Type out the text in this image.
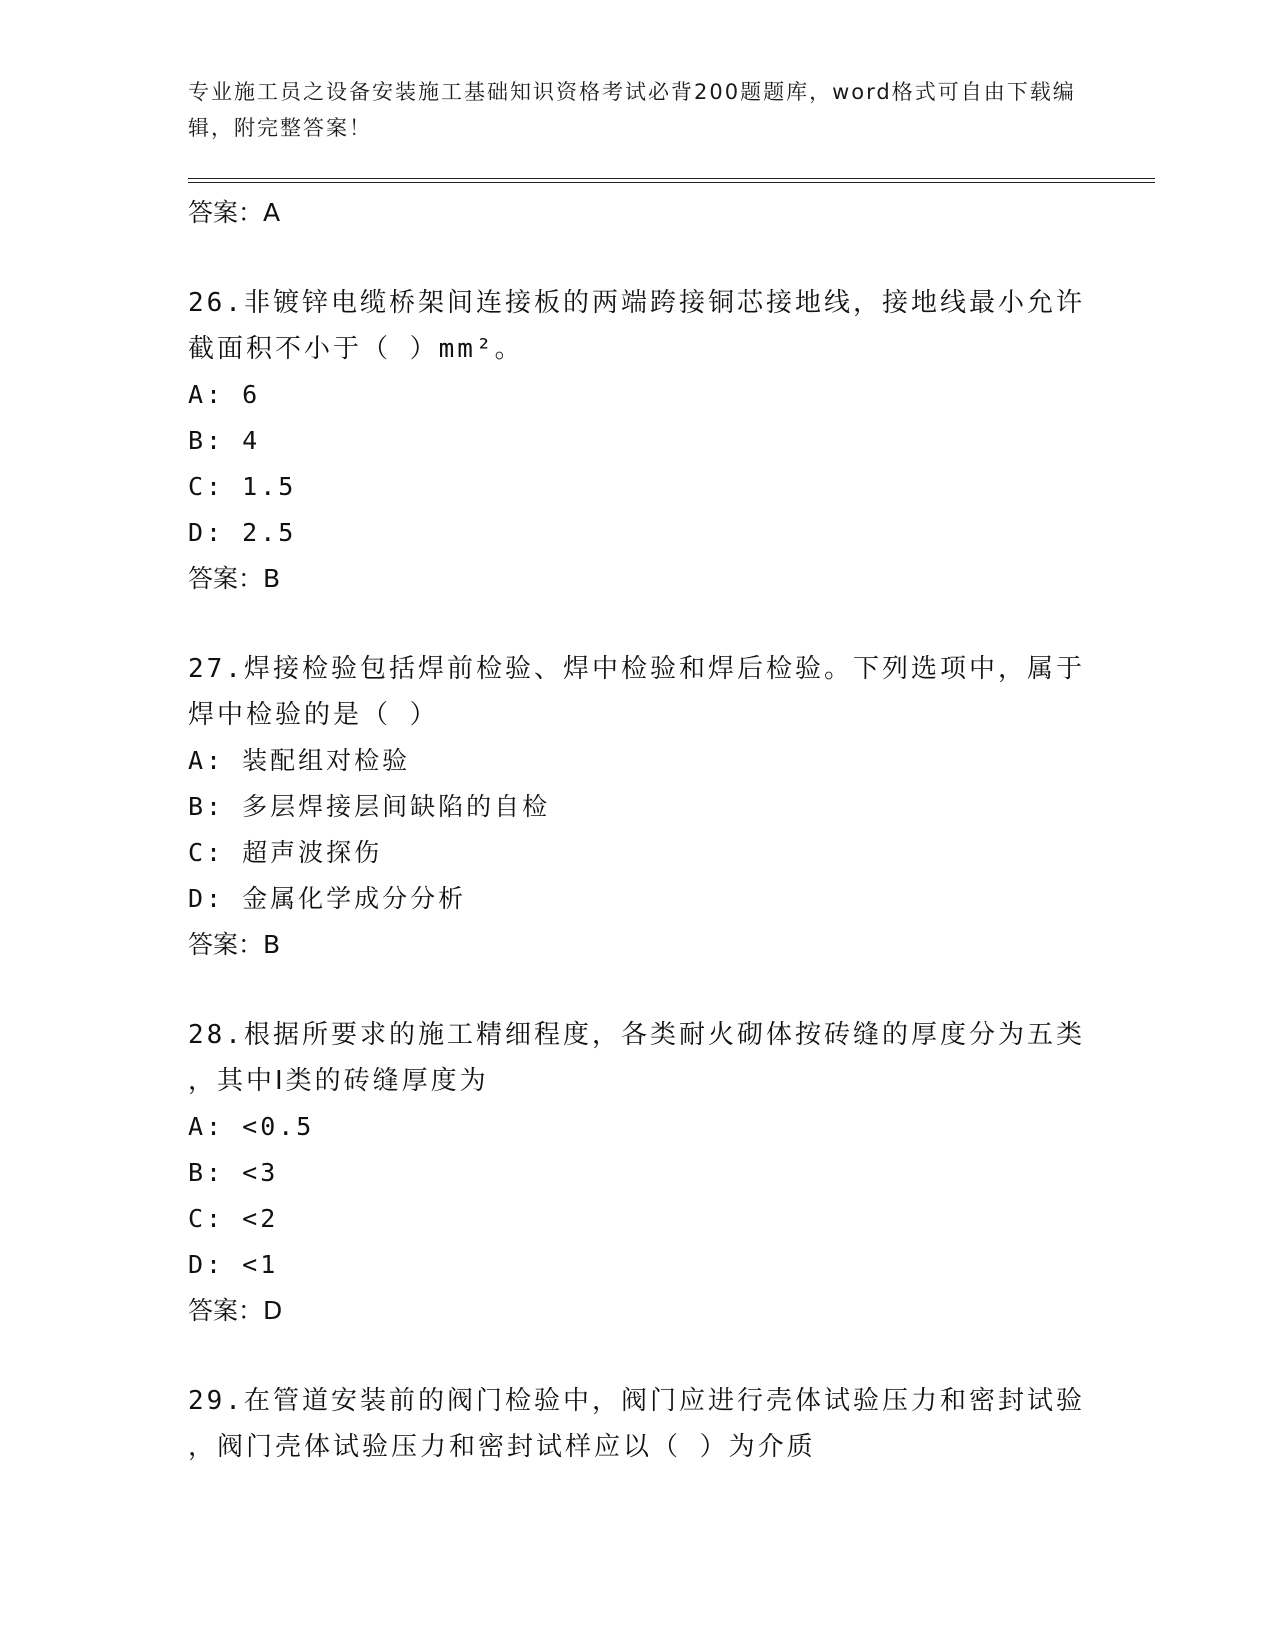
专业施工员之设备安装施工基础知识资格考试必背200题题库，word格式可自由下载编辑，附完整答案！
答案：A
26.非镀锌电缆桥架间连接板的两端跨接铜芯接地线，接地线最小允许
截面积不小于（ ）mm²。
A: 6
B: 4
C: 1.5
D: 2.5
答案：B
27.焊接检验包括焊前检验、焊中检验和焊后检验。下列选项中，属于
焊中检验的是（ ）
A: 装配组对检验
B: 多层焊接层间缺陷的自检
C: 超声波探伤
D: 金属化学成分分析
答案：B
28.根据所要求的施工精细程度，各类耐火砌体按砖缝的厚度分为五类
，其中Ⅰ类的砖缝厚度为
A: <0.5
B: <3
C: <2
D: <1
答案：D
29.在管道安装前的阀门检验中，阀门应进行壳体试验压力和密封试验
，阀门壳体试验压力和密封试样应以（ ）为介质
